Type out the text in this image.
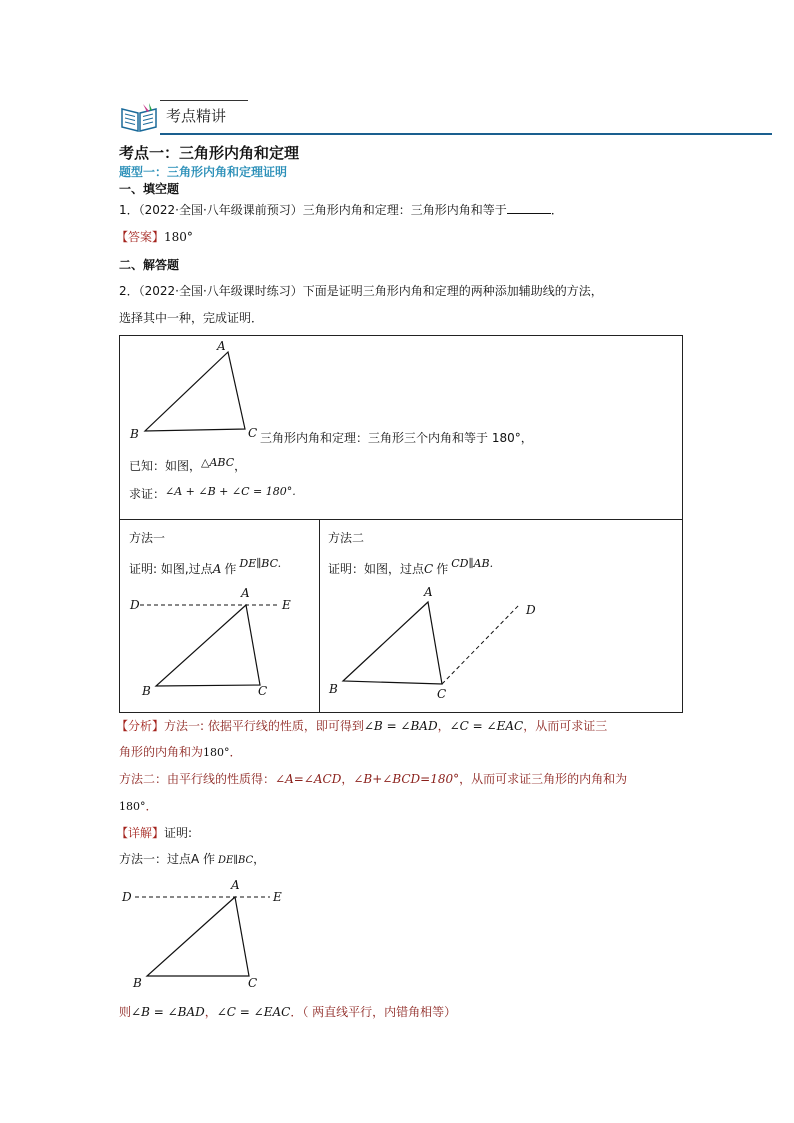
考点精讲
考点一：三角形内角和定理
题型一：三角形内角和定理证明
一、填空题
1．（2022·全国·八年级课前预习）三角形内角和定理：三角形内角和等于	．
【答案】180°
二、解答题
2．（2022·全国·八年级课时练习）下面是证明三角形内角和定理的两种添加辅助线的方法，
选择其中一种，完成证明．
A
B	C 三角形内角和定理：三角形三个内角和等于 180°，
已知：如图，△ABC，
求证：∠A + ∠B + ∠C = 180°.
方法一
证明: 如图,过点A 作 DE∥BC.
D
A
E
B	C
方法二
证明：如图，过点C 作 CD∥AB.
A
B	C
D
【分析】方法一: 依据平行线的性质，即可得到∠B = ∠BAD，∠C = ∠EAC，从而可求证三
角形的内角和为180°．
方法二：由平行线的性质得：∠A=∠ACD，∠B+∠BCD=180°，从而可求证三角形的内角和为
180°．
【详解】证明:
方法一：过点A 作 DE∥BC，
D
A
E
B	C
则∠B = ∠BAD，∠C = ∠EAC．（ 两直线平行，内错角相等）
